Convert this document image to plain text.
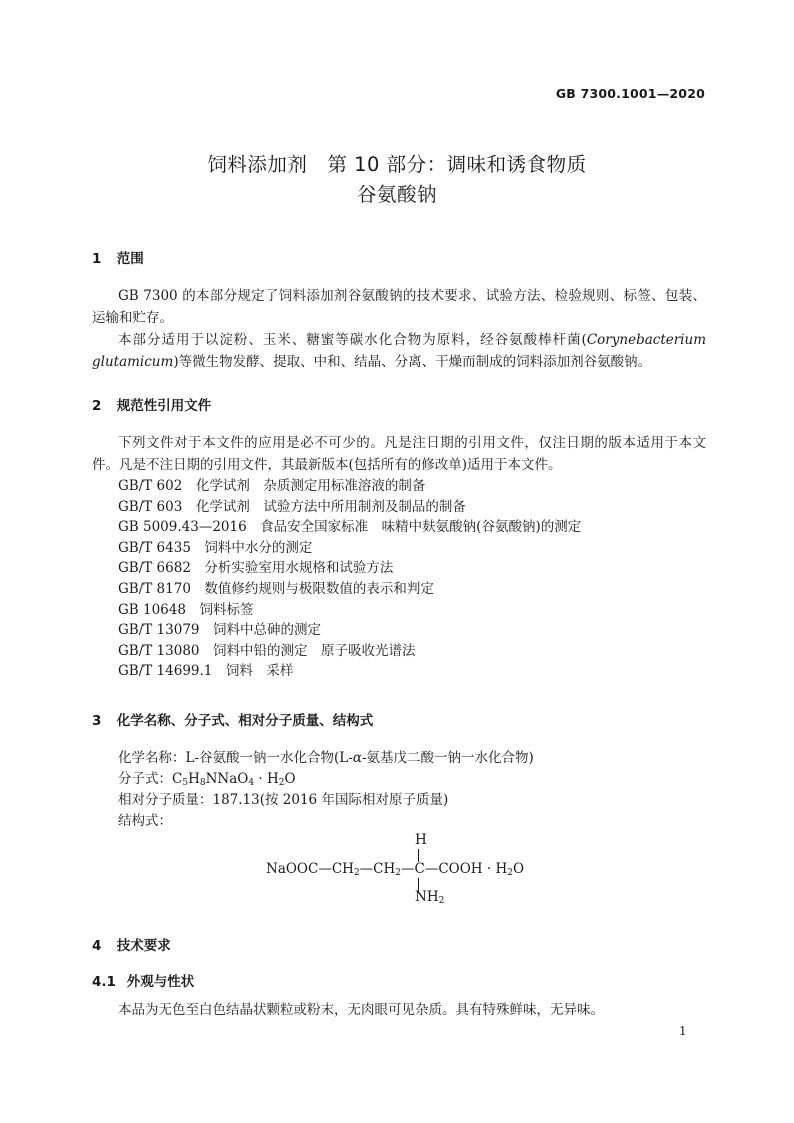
GB 7300.1001—2020
饲料添加剂　第 10 部分：调味和诱食物质
谷氨酸钠
1 范围
GB 7300 的本部分规定了饲料添加剂谷氨酸钠的技术要求、试验方法、检验规则、标签、包装、运输和贮存。
本部分适用于以淀粉、玉米、糖蜜等碳水化合物为原料，经谷氨酸棒杆菌(Corynebacterium glutamicum)等微生物发酵、提取、中和、结晶、分离、干燥而制成的饲料添加剂谷氨酸钠。
2 规范性引用文件
下列文件对于本文件的应用是必不可少的。凡是注日期的引用文件，仅注日期的版本适用于本文件。凡是不注日期的引用文件，其最新版本(包括所有的修改单)适用于本文件。
GB/T 602　化学试剂　杂质测定用标准溶液的制备
GB/T 603　化学试剂　试验方法中所用制剂及制品的制备
GB 5009.43—2016　食品安全国家标准　味精中麸氨酸钠(谷氨酸钠)的测定
GB/T 6435　饲料中水分的测定
GB/T 6682　分析实验室用水规格和试验方法
GB/T 8170　数值修约规则与极限数值的表示和判定
GB 10648　饲料标签
GB/T 13079　饲料中总砷的测定
GB/T 13080　饲料中铅的测定　原子吸收光谱法
GB/T 14699.1　饲料　采样
3 化学名称、分子式、相对分子质量、结构式
化学名称：L-谷氨酸一钠一水化合物(L-α-氨基戊二酸一钠一水化合物)
分子式：$C_5H_8NNaO_4 \cdot H_2O$
相对分子质量：187.13(按 2016 年国际相对原子质量)
结构式：
H
$NaOOC—CH_2—CH_2—C—COOH \cdot H_2O$
$NH_2$
4 技术要求
4.1 外观与性状
本品为无色至白色结晶状颗粒或粉末，无肉眼可见杂质。具有特殊鲜味，无异味。
1
